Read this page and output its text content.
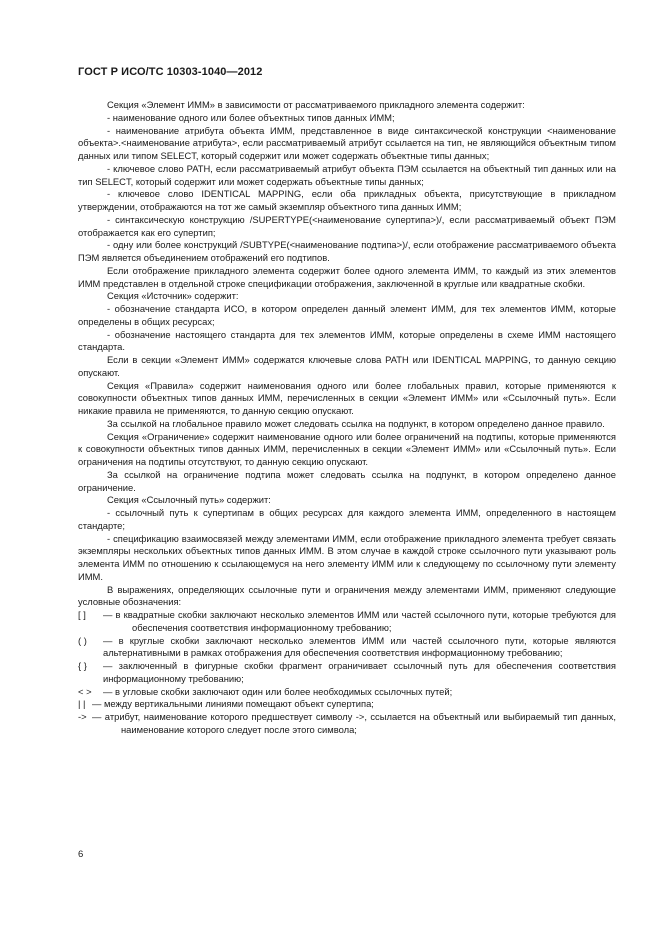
ГОСТ Р ИСО/ТС 10303-1040—2012

Секция «Элемент ИММ» в зависимости от рассматриваемого прикладного элемента содержит:

- наименование одного или более объектных типов данных ИММ;

- наименование атрибута объекта ИММ, представленное в виде синтаксической конструкции <наименование объекта>.<наименование атрибута>, если рассматриваемый атрибут ссылается на тип, не являющийся объектным типом данных или типом SELECT, который содержит или может содержать объектные типы данных;

- ключевое слово PATH, если рассматриваемый атрибут объекта ПЭМ ссылается на объектный тип данных или на тип SELECT, который содержит или может содержать объектные типы данных;

- ключевое слово IDENTICAL MAPPING, если оба прикладных объекта, присутствующие в прикладном утверждении, отображаются на тот же самый экземпляр объектного типа данных ИММ;

- синтаксическую конструкцию /SUPERTYPE(<наименование супертипа>)/, если рассматриваемый объект ПЭМ отображается как его супертип;

- одну или более конструкций /SUBTYPE(<наименование подтипа>)/, если отображение рассматриваемого объекта ПЭМ является объединением отображений его подтипов.

Если отображение прикладного элемента содержит более одного элемента ИММ, то каждый из этих элементов ИММ представлен в отдельной строке спецификации отображения, заключенной в круглые или квадратные скобки.

Секция «Источник» содержит:

- обозначение стандарта ИСО, в котором определен данный элемент ИММ, для тех элементов ИММ, которые определены в общих ресурсах;

- обозначение настоящего стандарта для тех элементов ИММ, которые определены в схеме ИММ настоящего стандарта.

Если в секции «Элемент ИММ» содержатся ключевые слова PATH или IDENTICAL MAPPING, то данную секцию опускают.

Секция «Правила» содержит наименования одного или более глобальных правил, которые применяются к совокупности объектных типов данных ИММ, перечисленных в секции «Элемент ИММ» или «Ссылочный путь». Если никакие правила не применяются, то данную секцию опускают.

За ссылкой на глобальное правило может следовать ссылка на подпункт, в котором определено данное правило.

Секция «Ограничение» содержит наименование одного или более ограничений на подтипы, которые применяются к совокупности объектных типов данных ИММ, перечисленных в секции «Элемент ИММ» или «Ссылочный путь». Если ограничения на подтипы отсутствуют, то данную секцию опускают.

За ссылкой на ограничение подтипа может следовать ссылка на подпункт, в котором определено данное ограничение.

Секция «Ссылочный путь» содержит:

- ссылочный путь к супертипам в общих ресурсах для каждого элемента ИММ, определенного в настоящем стандарте;

- спецификацию взаимосвязей между элементами ИММ, если отображение прикладного элемента требует связать экземпляры нескольких объектных типов данных ИММ. В этом случае в каждой строке ссылочного пути указывают роль элемента ИММ по отношению к ссылающемуся на него элементу ИММ или к следующему по ссылочному пути элементу ИММ.

В выражениях, определяющих ссылочные пути и ограничения между элементами ИММ, применяют следующие условные обозначения:

[ ]	— в квадратные скобки заключают несколько элементов ИММ или частей ссылочного пути, которые требуются для обеспечения соответствия информационному требованию;
( )	— в круглые скобки заключают несколько элементов ИММ или частей ссылочного пути, которые являются альтернативными в рамках отображения для обеспечения соответствия информационному требованию;
{ }	— заключенный в фигурные скобки фрагмент ограничивает ссылочный путь для обеспечения соответствия информационному требованию;
< >	— в угловые скобки заключают один или более необходимых ссылочных путей;
| | — между вертикальными линиями помещают объект супертипа;
-> — атрибут, наименование которого предшествует символу ->, ссылается на объектный или выбираемый тип данных, наименование которого следует после этого символа;
6
